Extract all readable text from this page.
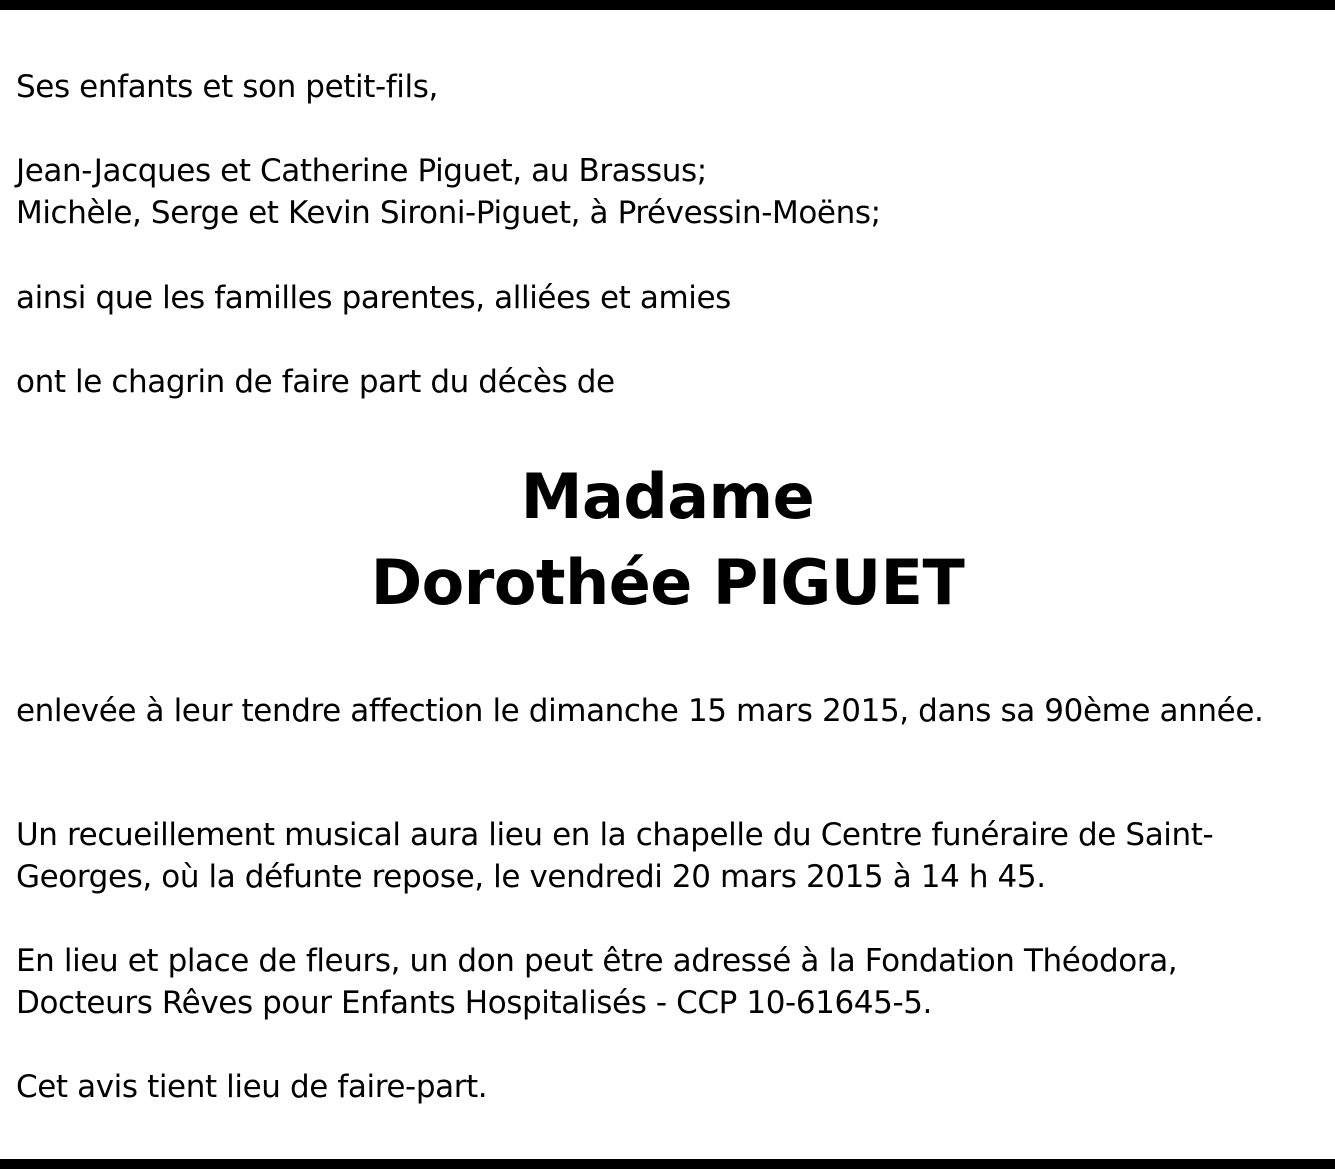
Ses enfants et son petit-fils,

Jean-Jacques et Catherine Piguet, au Brassus;

Michèle, Serge et Kevin Sironi-Piguet, à Prévessin-Moëns;

ainsi que les familles parentes, alliées et amies

ont le chagrin de faire part du décès de

Madame
Dorothée PIGUET

enlevée à leur tendre affection le dimanche 15 mars 2015, dans sa 90ème année.

Un recueillement musical aura lieu en la chapelle du Centre funéraire de Saint-

Georges, où la défunte repose, le vendredi 20 mars 2015 à 14 h 45.

En lieu et place de fleurs, un don peut être adressé à la Fondation Théodora,

Docteurs Rêves pour Enfants Hospitalisés - CCP 10-61645-5.

Cet avis tient lieu de faire-part.
